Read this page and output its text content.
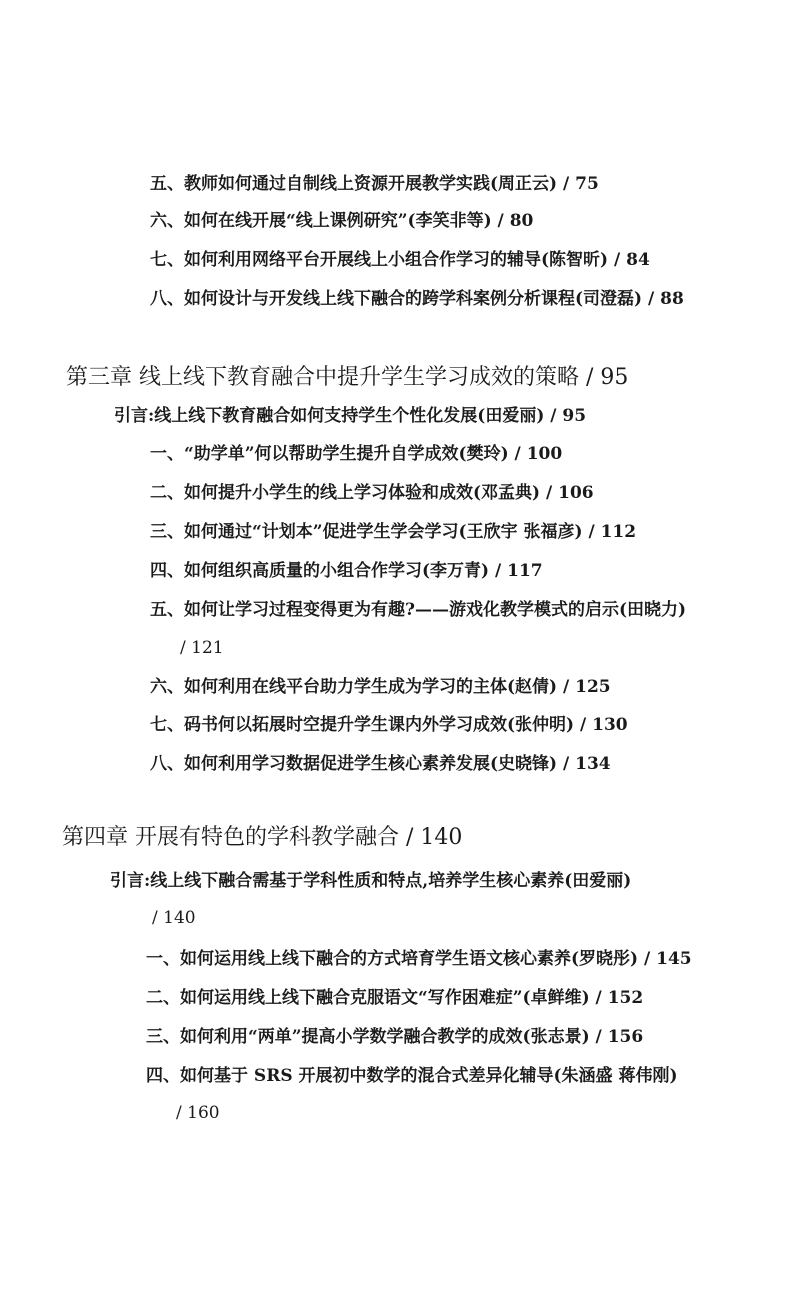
五、教师如何通过自制线上资源开展教学实践(周正云) / 75
六、如何在线开展“线上课例研究”(李笑非等) / 80
七、如何利用网络平台开展线上小组合作学习的辅导(陈智昕) / 84
八、如何设计与开发线上线下融合的跨学科案例分析课程(司澄磊) / 88
第三章 线上线下教育融合中提升学生学习成效的策略 / 95
引言:线上线下教育融合如何支持学生个性化发展(田爱丽) / 95
一、“助学单”何以帮助学生提升自学成效(樊玲) / 100
二、如何提升小学生的线上学习体验和成效(邓孟典) / 106
三、如何通过“计划本”促进学生学会学习(王欣宇 张福彦) / 112
四、如何组织高质量的小组合作学习(李万青) / 117
五、如何让学习过程变得更为有趣?——游戏化教学模式的启示(田晓力)
/ 121
六、如何利用在线平台助力学生成为学习的主体(赵倩) / 125
七、码书何以拓展时空提升学生课内外学习成效(张仲明) / 130
八、如何利用学习数据促进学生核心素养发展(史晓锋) / 134
第四章 开展有特色的学科教学融合 / 140
引言:线上线下融合需基于学科性质和特点,培养学生核心素养(田爱丽)
/ 140
一、如何运用线上线下融合的方式培育学生语文核心素养(罗晓彤) / 145
二、如何运用线上线下融合克服语文“写作困难症”(卓鲜维) / 152
三、如何利用“两单”提高小学数学融合教学的成效(张志景) / 156
四、如何基于 SRS 开展初中数学的混合式差异化辅导(朱涵盛 蒋伟刚)
/ 160
